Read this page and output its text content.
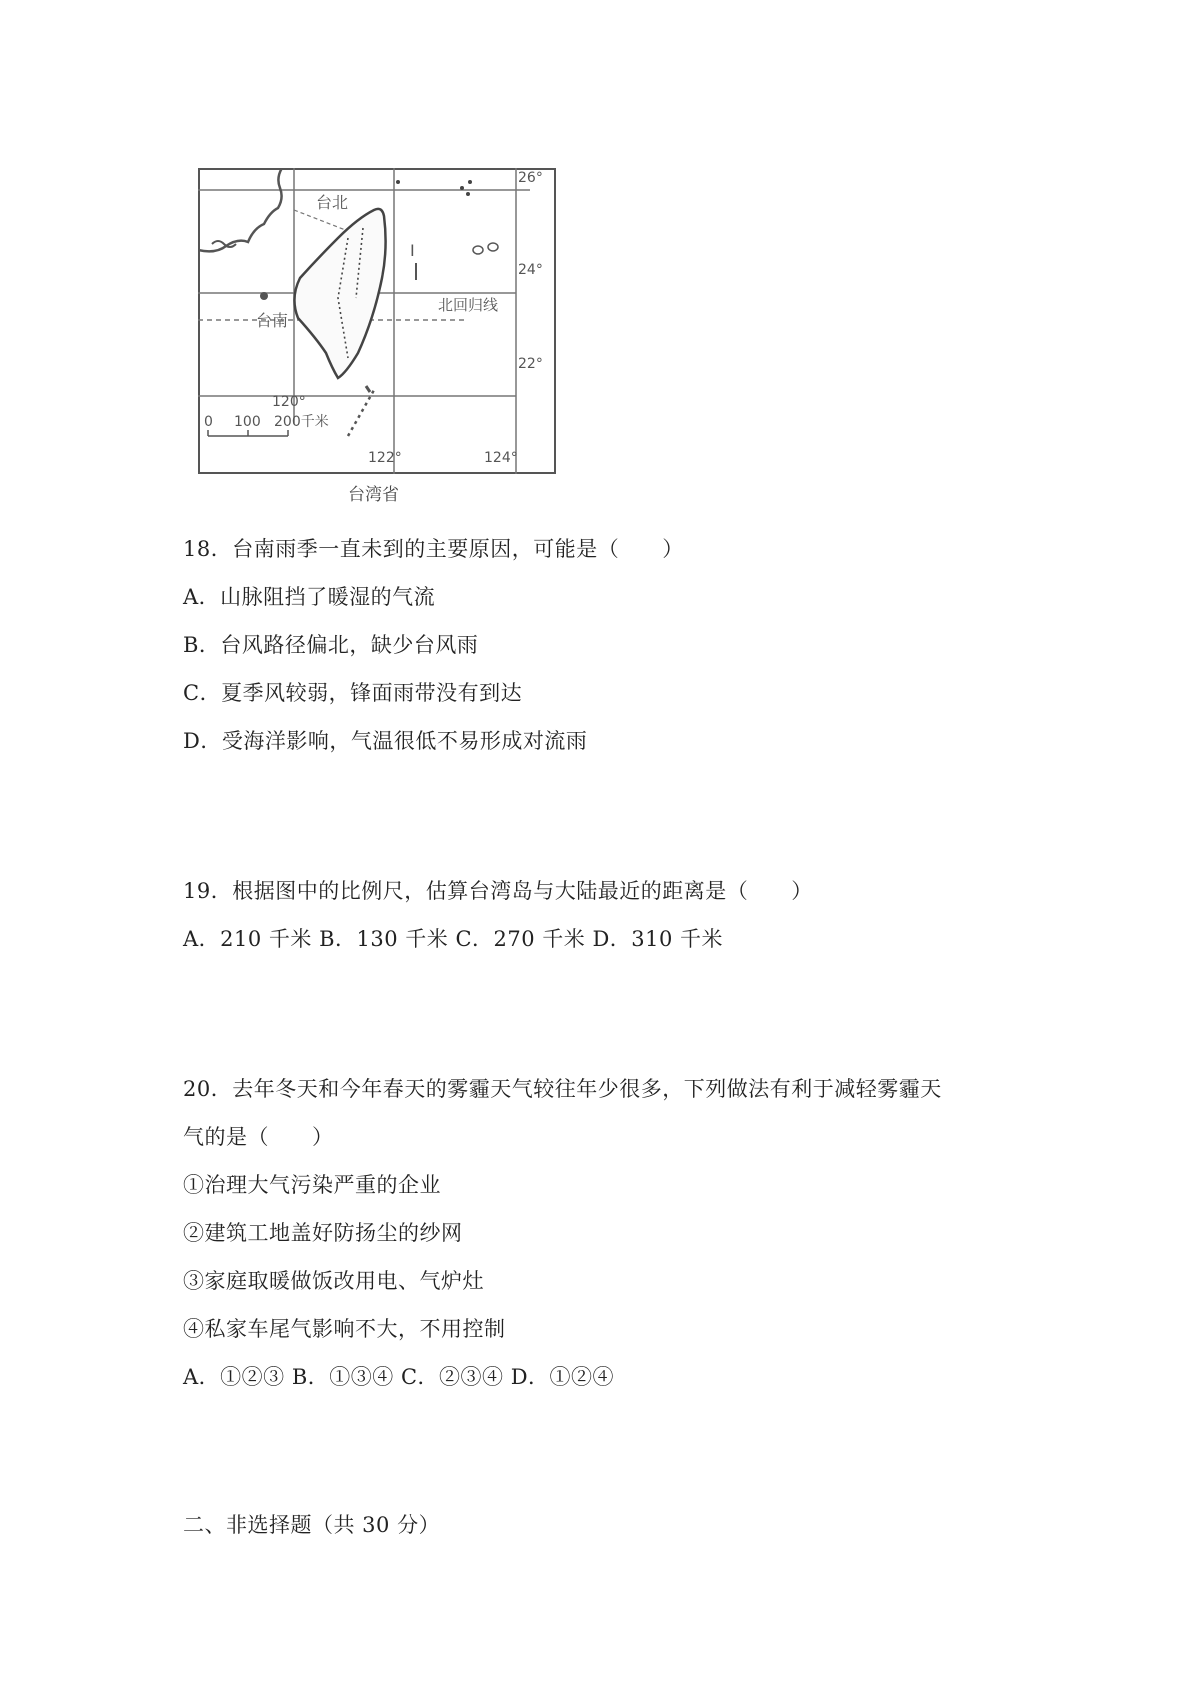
台北
台南
北回归线
I
26°
24°
22°
120°
122°	124°
0 100 200千米
台湾省
18．台南雨季一直未到的主要原因，可能是（　　）
A．山脉阻挡了暖湿的气流
B．台风路径偏北，缺少台风雨
C．夏季风较弱，锋面雨带没有到达
D．受海洋影响，气温很低不易形成对流雨
19．根据图中的比例尺，估算台湾岛与大陆最近的距离是（　　）
A．210 千米 B．130 千米 C．270 千米 D．310 千米
20．去年冬天和今年春天的雾霾天气较往年少很多，下列做法有利于减轻雾霾天
气的是（　　）
①治理大气污染严重的企业
②建筑工地盖好防扬尘的纱网
③家庭取暖做饭改用电、气炉灶
④私家车尾气影响不大，不用控制
A．①②③ B．①③④ C．②③④ D．①②④
二、非选择题（共 30 分）
